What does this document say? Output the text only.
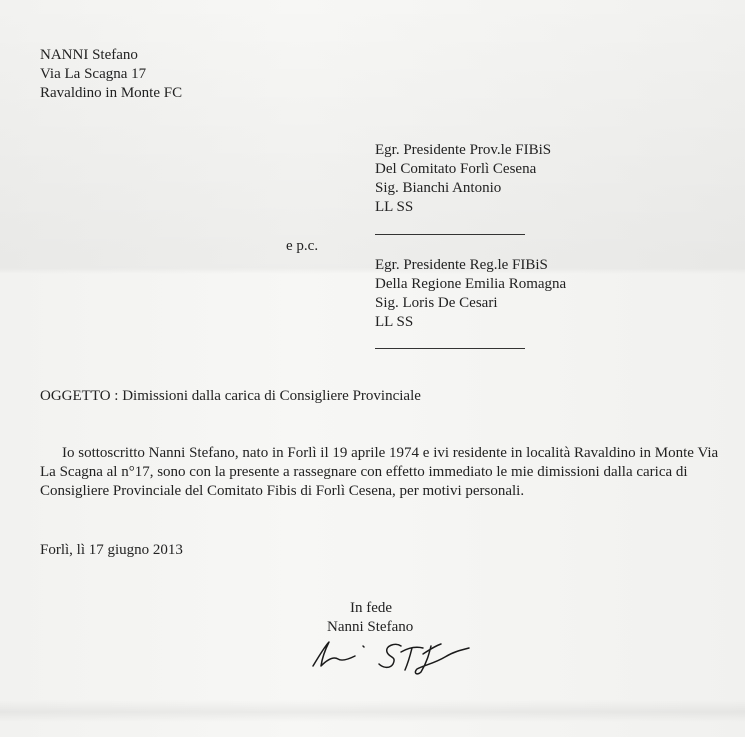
NANNI Stefano
Via La Scagna 17
Ravaldino in Monte FC
Egr. Presidente Prov.le FIBiS
Del Comitato Forlì Cesena
Sig. Bianchi Antonio
LL SS
e p.c.
Egr. Presidente Reg.le FIBiS
Della Regione Emilia Romagna
Sig. Loris De Cesari
LL SS
OGGETTO : Dimissioni dalla carica di Consigliere Provinciale
Io sottoscritto Nanni Stefano, nato in Forlì il 19 aprile 1974 e ivi residente in località Ravaldino in Monte Via La Scagna al n°17, sono con la presente a rassegnare con effetto immediato le mie dimissioni dalla carica di Consigliere Provinciale del Comitato Fibis di Forlì Cesena, per motivi personali.
Forlì, lì 17 giugno 2013
In fede
Nanni Stefano
